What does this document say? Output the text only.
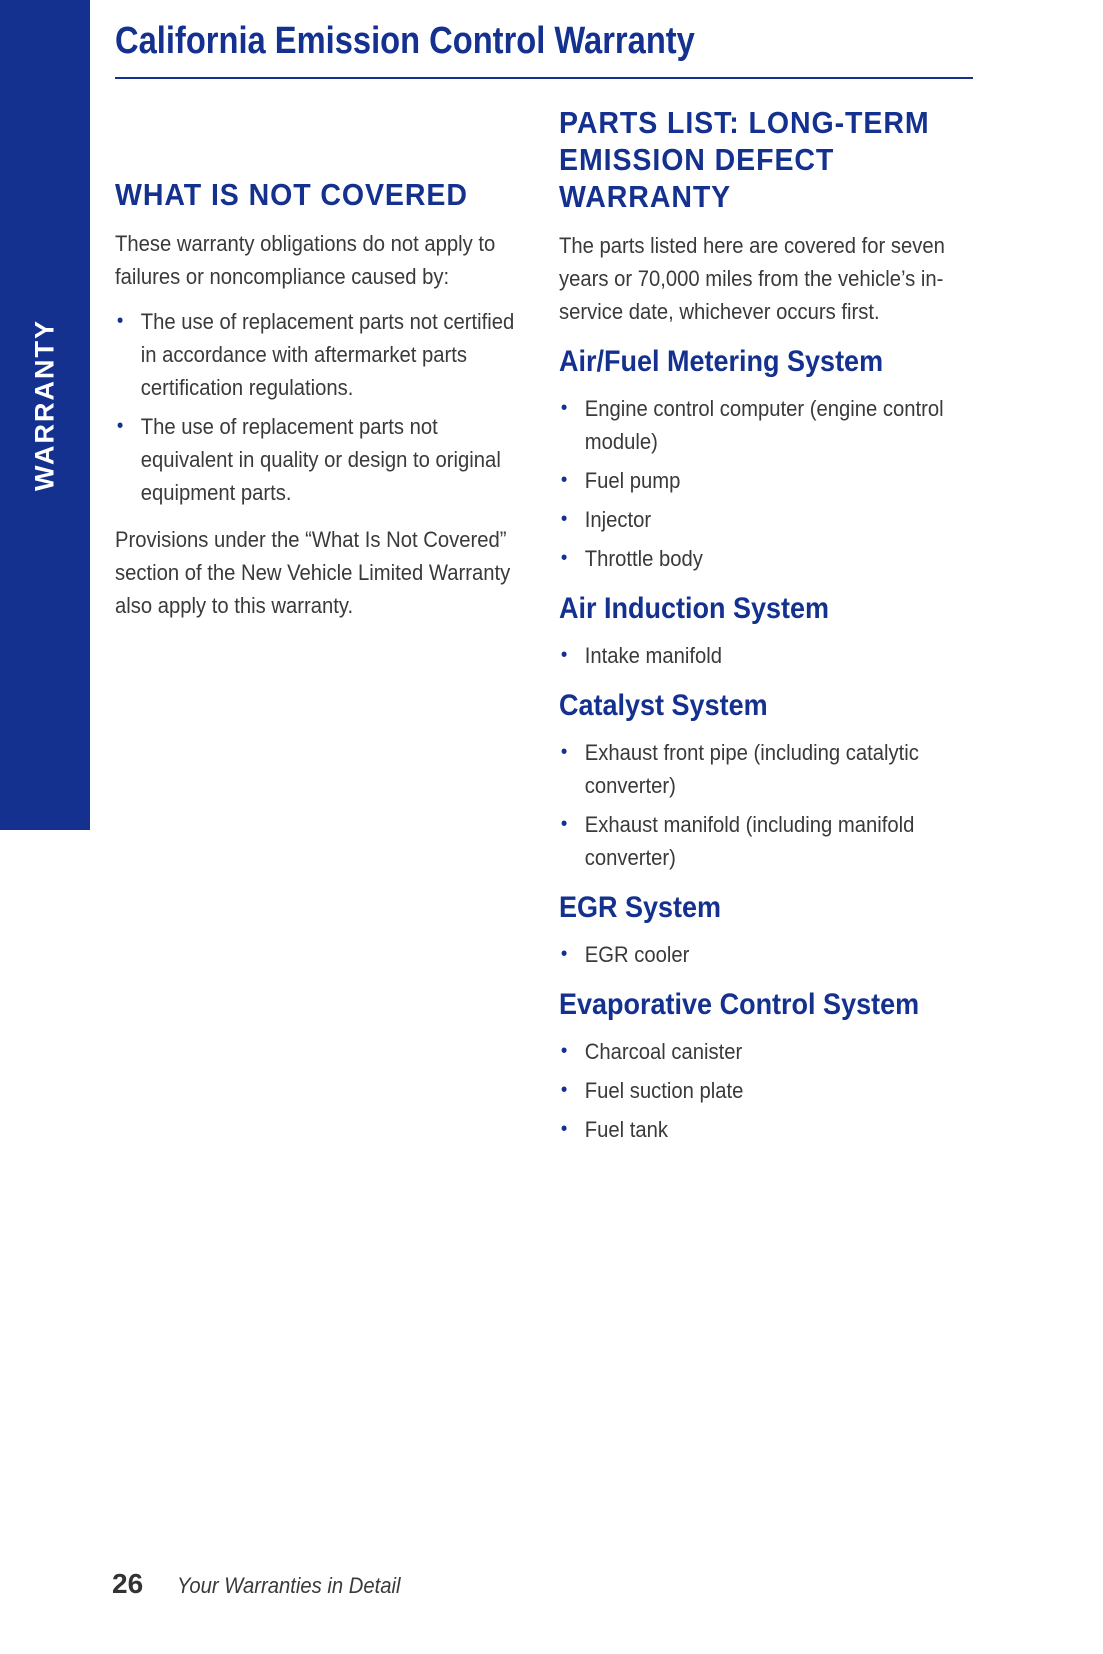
WARRANTY
California Emission Control Warranty
WHAT IS NOT COVERED

These warranty obligations do not apply to failures or noncompliance caused by:

• The use of replacement parts not certified in accordance with aftermarket parts certification regulations.
• The use of replacement parts not equivalent in quality or design to original equipment parts.

Provisions under the “What Is Not Covered” section of the New Vehicle Limited Warranty also apply to this warranty.

PARTS LIST: LONG-TERM EMISSION DEFECT WARRANTY

The parts listed here are covered for seven years or 70,000 miles from the vehicle’s in-service date, whichever occurs first.

Air/Fuel Metering System
• Engine control computer (engine control module)
• Fuel pump
• Injector
• Throttle body
Air Induction System
• Intake manifold
Catalyst System
• Exhaust front pipe (including catalytic converter)
• Exhaust manifold (including manifold converter)
EGR System
• EGR cooler
Evaporative Control System
• Charcoal canister
• Fuel suction plate
• Fuel tank
26 Your Warranties in Detail
